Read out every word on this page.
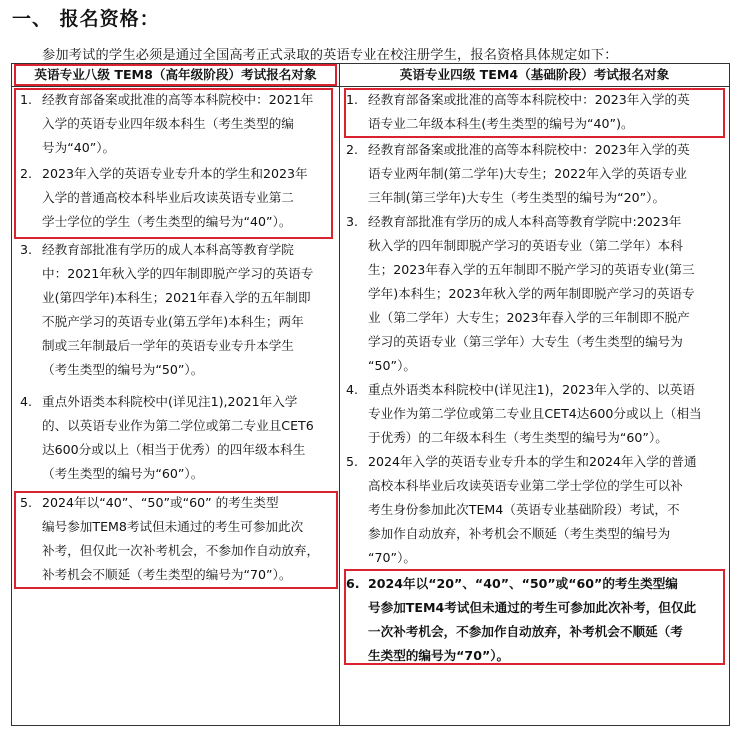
一、 报名资格：
参加考试的学生必须是通过全国高考正式录取的英语专业在校注册学生，报名资格具体规定如下：
英语专业八级 TEM8（高年级阶段）考试报名对象	英语专业四级 TEM4（基础阶段）考试报名对象
1. 经教育部备案或批准的高等本科院校中：2021年
入学的英语专业四年级本科生（考生类型的编
号为“40”）。
2. 2023年入学的英语专业专升本的学生和2023年
入学的普通高校本科毕业后攻读英语专业第二
学士学位的学生（考生类型的编号为“40”）。
3. 经教育部批准有学历的成人本科高等教育学院
中：2021年秋入学的四年制即脱产学习的英语专
业(第四学年)本科生；2021年春入学的五年制即
不脱产学习的英语专业(第五学年)本科生；两年
制或三年制最后一学年的英语专业专升本学生
（考生类型的编号为“50”）。
4. 重点外语类本科院校中(详见注1),2021年入学
的、以英语专业作为第二学位或第二专业且CET6
达600分或以上（相当于优秀）的四年级本科生
（考生类型的编号为“60”）。
5. 2024年以“40”、“50”或“60” 的考生类型
编号参加TEM8考试但未通过的考生可参加此次
补考，但仅此一次补考机会，不参加作自动放弃，
补考机会不顺延（考生类型的编号为“70”）。
1. 经教育部备案或批准的高等本科院校中：2023年入学的英
语专业二年级本科生(考生类型的编号为“40”)。
2. 经教育部备案或批准的高等本科院校中：2023年入学的英
语专业两年制(第二学年)大专生；2022年入学的英语专业
三年制(第三学年)大专生（考生类型的编号为“20”）。
3. 经教育部批准有学历的成人本科高等教育学院中:2023年
秋入学的四年制即脱产学习的英语专业（第二学年）本科
生；2023年春入学的五年制即不脱产学习的英语专业(第三
学年)本科生；2023年秋入学的两年制即脱产学习的英语专
业（第二学年）大专生；2023年春入学的三年制即不脱产
学习的英语专业（第三学年）大专生（考生类型的编号为
“50”）。
4. 重点外语类本科院校中(详见注1)，2023年入学的、以英语
专业作为第二学位或第二专业且CET4达600分或以上（相当
于优秀）的二年级本科生（考生类型的编号为“60”）。
5. 2024年入学的英语专业专升本的学生和2024年入学的普通
高校本科毕业后攻读英语专业第二学士学位的学生可以补
考生身份参加此次TEM4（英语专业基础阶段）考试，不
参加作自动放弃，补考机会不顺延（考生类型的编号为
“70”）。
6. 2024年以“20”、“40”、“50”或“60”的考生类型编
号参加TEM4考试但未通过的考生可参加此次补考，但仅此
一次补考机会，不参加作自动放弃，补考机会不顺延（考
生类型的编号为“70”）。
